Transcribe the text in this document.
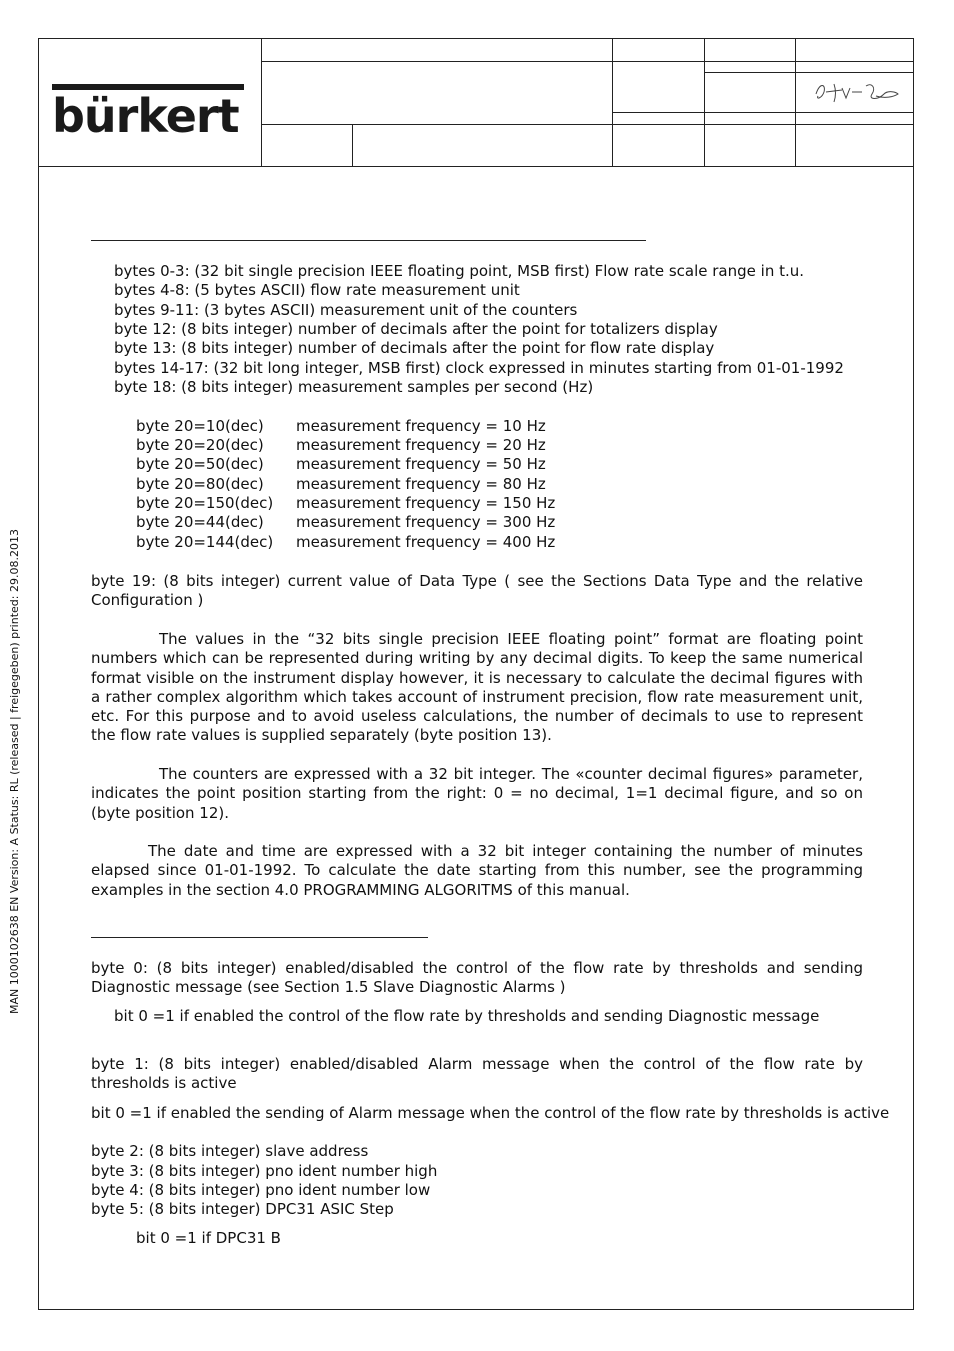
bürkert
MAN 1000102638 EN Version: A Status: RL (released | freigegeben) printed: 29.08.2013
bytes 0-3: (32 bit single precision IEEE floating point, MSB first) Flow rate scale range in t.u.
bytes 4-8: (5 bytes ASCII) flow rate measurement unit
bytes 9-11: (3 bytes ASCII) measurement unit of the counters
byte 12: (8 bits integer) number of decimals after the point for totalizers display
byte 13: (8 bits integer) number of decimals after the point for flow rate display
bytes 14-17: (32 bit long integer, MSB first) clock expressed in minutes starting from 01-01-1992
byte 18: (8 bits integer) measurement samples per second (Hz)
byte 20=10(dec) measurement frequency = 10 Hz
byte 20=20(dec) measurement frequency = 20 Hz
byte 20=50(dec) measurement frequency = 50 Hz
byte 20=80(dec) measurement frequency = 80 Hz
byte 20=150(dec) measurement frequency = 150 Hz
byte 20=44(dec) measurement frequency = 300 Hz
byte 20=144(dec) measurement frequency = 400 Hz
byte 19: (8 bits integer) current value of Data Type ( see the Sections Data Type and the relative Configuration )
The values in the “32 bits single precision IEEE floating point” format are floating point numbers which can be represented during writing by any decimal digits. To keep the same numerical format visible on the instrument display however, it is necessary to calculate the decimal figures with a rather complex algorithm which takes account of instrument precision, flow rate measurement unit, etc. For this purpose and to avoid useless calculations, the number of decimals to use to represent the flow rate values is supplied separately (byte position 13).
The counters are expressed with a 32 bit integer. The «counter decimal figures» parameter, indicates the point position starting from the right: 0 = no decimal, 1=1 decimal figure, and so on (byte position 12).
The date and time are expressed with a 32 bit integer containing the number of minutes elapsed since 01-01-1992. To calculate the date starting from this number, see the programming examples in the section 4.0 PROGRAMMING ALGORITMS of this manual.
byte 0: (8 bits integer) enabled/disabled the control of the flow rate by thresholds and sending Diagnostic message (see Section 1.5 Slave Diagnostic Alarms )
bit 0 =1 if enabled the control of the flow rate by thresholds and sending Diagnostic message
byte 1: (8 bits integer) enabled/disabled Alarm message when the control of the flow rate by thresholds is active
bit 0 =1 if enabled the sending of Alarm message when the control of the flow rate by thresholds is active
byte 2: (8 bits integer) slave address
byte 3: (8 bits integer) pno ident number high
byte 4: (8 bits integer) pno ident number low
byte 5: (8 bits integer) DPC31 ASIC Step
bit 0 =1 if DPC31 B
